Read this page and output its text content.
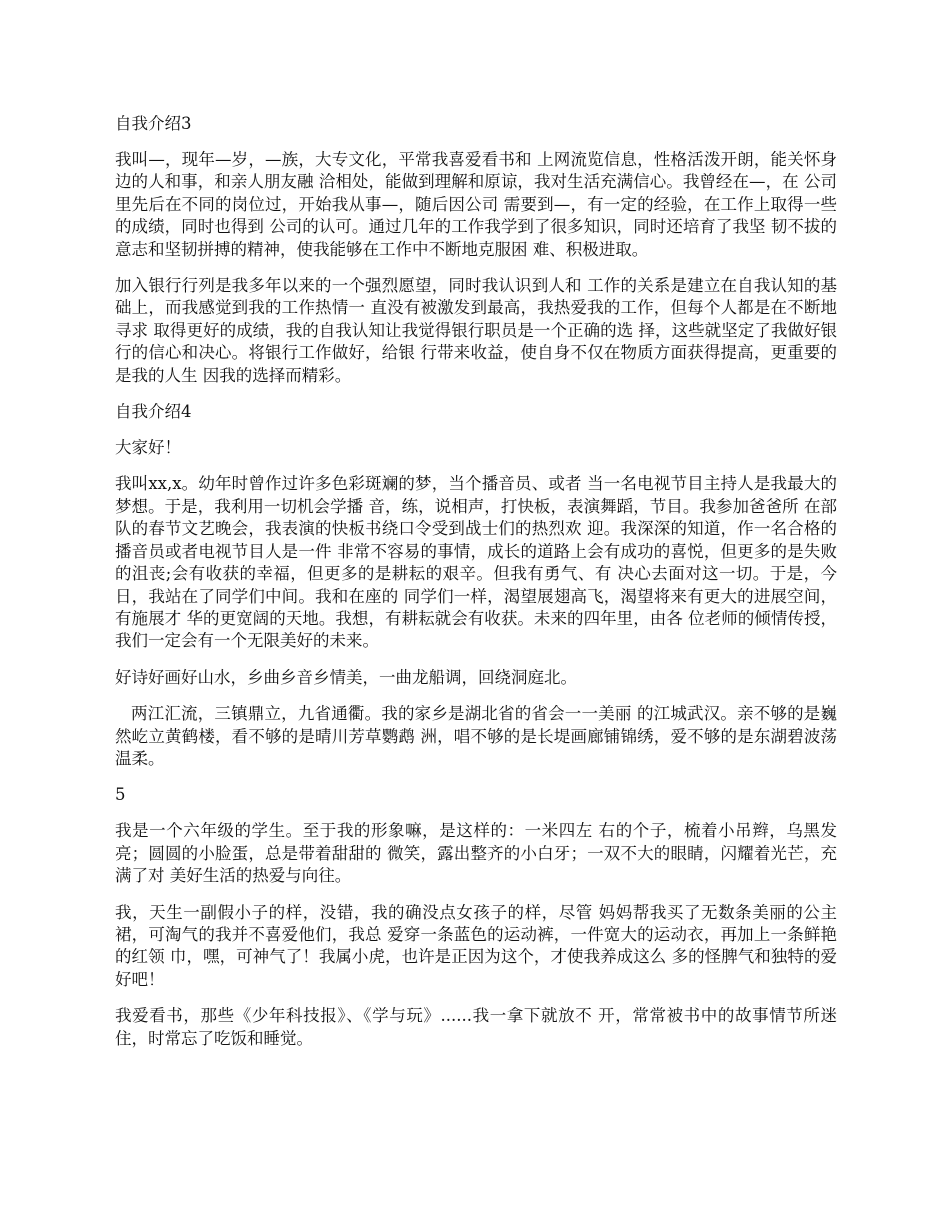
自我介绍3

我叫—，现年—岁，—族，大专文化，平常我喜爱看书和 上网流览信息，性格活泼开朗，能关怀身边的人和事，和亲人朋友融 洽相处，能做到理解和原谅，我对生活充满信心。我曾经在—，在 公司里先后在不同的岗位过，开始我从事—，随后因公司 需要到—，有一定的经验，在工作上取得一些的成绩，同时也得到 公司的认可。通过几年的工作我学到了很多知识，同时还培育了我坚 韧不拔的意志和坚韧拼搏的精神，使我能够在工作中不断地克服困 难、积极进取。

加入银行行列是我多年以来的一个强烈愿望，同时我认识到人和 工作的关系是建立在自我认知的基础上，而我感觉到我的工作热情一 直没有被激发到最高，我热爱我的工作，但每个人都是在不断地寻求 取得更好的成绩，我的自我认知让我觉得银行职员是一个正确的选 择，这些就坚定了我做好银行的信心和决心。将银行工作做好，给银 行带来收益，使自身不仅在物质方面获得提高，更重要的是我的人生 因我的选择而精彩。

自我介绍4

大家好！

我叫xx,x。幼年时曾作过许多色彩斑斓的梦，当个播音员、或者 当一名电视节目主持人是我最大的梦想。于是，我利用一切机会学播 音，练，说相声，打快板，表演舞蹈，节目。我参加爸爸所 在部队的春节文艺晚会，我表演的快板书绕口令受到战士们的热烈欢 迎。我深深的知道，作一名合格的播音员或者电视节目人是一件 非常不容易的事情，成长的道路上会有成功的喜悦，但更多的是失败 的沮丧;会有收获的幸福，但更多的是耕耘的艰辛。但我有勇气、有 决心去面对这一切。于是，今日，我站在了同学们中间。我和在座的 同学们一样，渴望展翅高飞，渴望将来有更大的进展空间，有施展才 华的更宽阔的天地。我想，有耕耘就会有收获。未来的四年里，由各 位老师的倾情传授，我们一定会有一个无限美好的未来。

好诗好画好山水，乡曲乡音乡情美，一曲龙船调，回绕洞庭北。

两江汇流，三镇鼎立，九省通衢。我的家乡是湖北省的省会一一美丽 的江城武汉。亲不够的是巍然屹立黄鹤楼，看不够的是晴川芳草鹦鹉 洲，唱不够的是长堤画廊铺锦绣，爱不够的是东湖碧波荡温柔。

5

我是一个六年级的学生。至于我的形象嘛，是这样的：一米四左 右的个子，梳着小吊辫，乌黑发亮；圆圆的小脸蛋，总是带着甜甜的 微笑，露出整齐的小白牙；一双不大的眼睛，闪耀着光芒，充满了对 美好生活的热爱与向往。

我，天生一副假小子的样，没错，我的确没点女孩子的样，尽管 妈妈帮我买了无数条美丽的公主裙，可淘气的我并不喜爱他们，我总 爱穿一条蓝色的运动裤，一件宽大的运动衣，再加上一条鲜艳的红领 巾，嘿，可神气了！我属小虎，也许是正因为这个，才使我养成这么 多的怪脾气和独特的爱好吧！

我爱看书，那些《少年科技报》、《学与玩》......我一拿下就放不 开，常常被书中的故事情节所迷住，时常忘了吃饭和睡觉。
